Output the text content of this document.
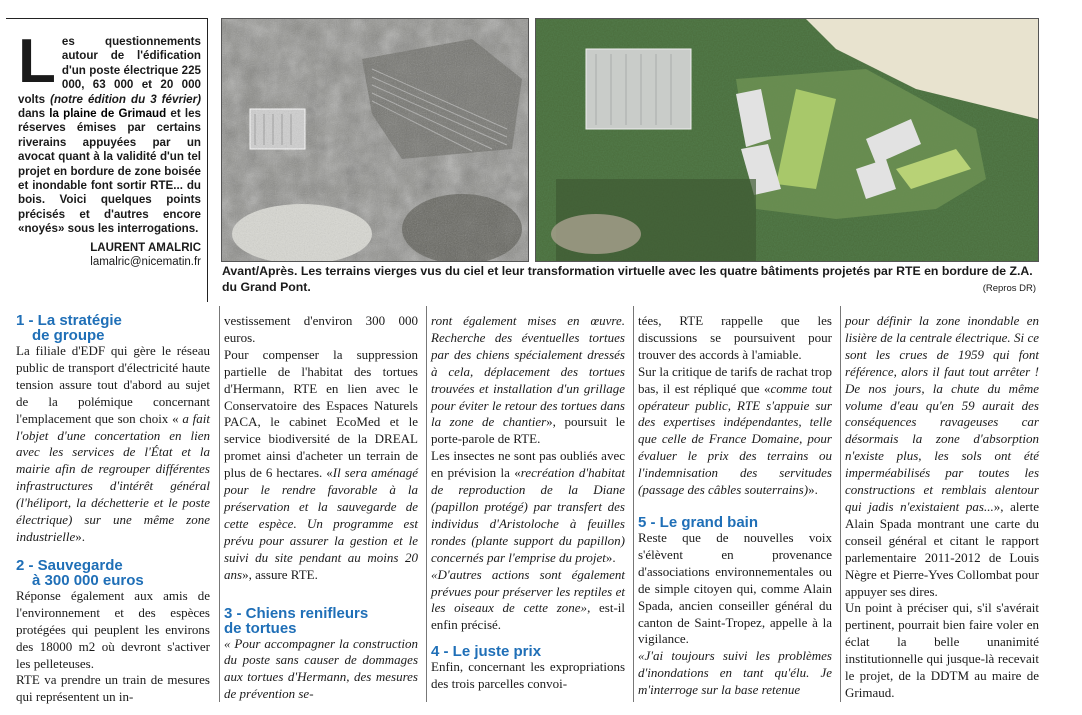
Les questionnements autour de l'édification d'un poste électrique 225 000, 63 000 et 20 000 volts (notre édition du 3 février) dans la plaine de Grimaud et les réserves émises par certains riverains appuyées par un avocat quant à la validité d'un tel projet en bordure de zone boisée et inondable font sortir RTE... du bois. Voici quelques points précisés et d'autres encore «noyés» sous les interrogations.
LAURENT AMALRIC
lamalric@nicematin.fr
Avant/Après. Les terrains vierges vus du ciel et leur transformation virtuelle avec les quatre bâtiments projetés par RTE en bordure de Z.A. du Grand Pont.	(Repros DR)
1 - La stratégie
de groupe

La filiale d'EDF qui gère le réseau public de transport d'électricité haute tension assure tout d'abord au sujet de la polémique concernant l'emplacement que son choix « a fait l'objet d'une concertation en lien avec les services de l'État et la mairie afin de regrouper différentes infrastructures d'intérêt général (l'héliport, la déchetterie et le poste électrique) sur une même zone industrielle».

2 - Sauvegarde
à 300 000 euros

Réponse également aux amis de l'environnement et des espèces protégées qui peuplent les environs des 18000 m2 où devront s'activer les pelleteuses.

RTE va prendre un train de mesures qui représentent un in-

vestissement d'environ 300 000 euros.

Pour compenser la suppression partielle de l'habitat des tortues d'Hermann, RTE en lien avec le Conservatoire des Espaces Naturels PACA, le cabinet EcoMed et le service biodiversité de la DREAL promet ainsi d'acheter un terrain de plus de 6 hectares. «Il sera aménagé pour le rendre favorable à la préservation et la sauvegarde de cette espèce. Un programme est prévu pour assurer la gestion et le suivi du site pendant au moins 20 ans», assure RTE.

3 - Chiens renifleurs
de tortues

« Pour accompagner la construction du poste sans causer de dommages aux tortues d'Hermann, des mesures de prévention se-

ront également mises en œuvre. Recherche des éventuelles tortues par des chiens spécialement dressés à cela, déplacement des tortues trouvées et installation d'un grillage pour éviter le retour des tortues dans la zone de chantier», poursuit le porte-parole de RTE.

Les insectes ne sont pas oubliés avec en prévision la «recréation d'habitat de reproduction de la Diane (papillon protégé) par transfert des individus d'Aristoloche à feuilles rondes (plante support du papillon) concernés par l'emprise du projet».

«D'autres actions sont également prévues pour préserver les reptiles et les oiseaux de cette zone», est-il enfin précisé.

4 - Le juste prix

Enfin, concernant les expropriations des trois parcelles convoi-

tées, RTE rappelle que les discussions se poursuivent pour trouver des accords à l'amiable.

Sur la critique de tarifs de rachat trop bas, il est répliqué que «comme tout opérateur public, RTE s'appuie sur des expertises indépendantes, telle que celle de France Domaine, pour évaluer le prix des terrains ou l'indemnisation des servitudes (passage des câbles souterrains)».

5 - Le grand bain

Reste que de nouvelles voix s'élèvent en provenance d'associations environnementales ou de simple citoyen qui, comme Alain Spada, ancien conseiller général du canton de Saint-Tropez, appelle à la vigilance.

«J'ai toujours suivi les problèmes d'inondations en tant qu'élu. Je m'interroge sur la base retenue

pour définir la zone inondable en lisière de la centrale électrique. Si ce sont les crues de 1959 qui font référence, alors il faut tout arrêter ! De nos jours, la chute du même volume d'eau qu'en 59 aurait des conséquences ravageuses car désormais la zone d'absorption n'existe plus, les sols ont été imperméabilisés par toutes les constructions et remblais alentour qui jadis n'existaient pas...», alerte Alain Spada montrant une carte du conseil général et citant le rapport parlementaire 2011-2012 de Louis Nègre et Pierre-Yves Collombat pour appuyer ses dires.

Un point à préciser qui, s'il s'avérait pertinent, pourrait bien faire voler en éclat la belle unanimité institutionnelle qui jusque-là recevait le projet, de la DDTM au maire de Grimaud.
